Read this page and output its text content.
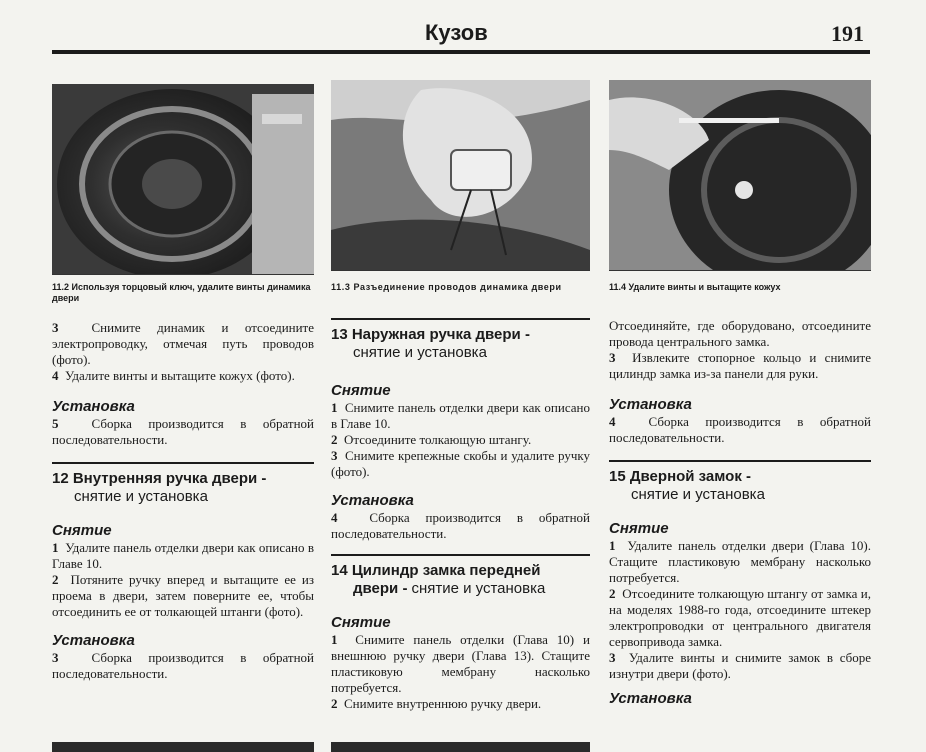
Кузов	191
11.2 Используя торцовый ключ, удалите винты динамика двери
11.3 Разъединение проводов динамика двери	11.4 Удалите винты и вытащите кожух

3	Снимите динамик и отсоедините электропроводку, отмечая путь проводов (фото).

4 Удалите винты и вытащите кожух (фото).

Установка

5	Сборка производится в обратной последовательности.

12 Внутренняя ручка двери -
снятие и установка
Снятие

1 Удалите панель отделки двери как описано в Главе 10.

2 Потяните ручку вперед и вытащите ее из проема в двери, затем поверните ее, чтобы отсоединить ее от толкающей штанги (фото).

Установка

3	Сборка производится в обратной последовательности.

13 Наружная ручка двери -
снятие и установка
Снятие

1 Снимите панель отделки двери как описано в Главе 10.

2 Отсоедините толкающую штангу.

3 Снимите крепежные скобы и удалите ручку (фото).

Установка

4 Сборка производится в обратной последовательности.

14 Цилиндр замка передней
двери - снятие и установка
Снятие

1 Снимите панель отделки (Глава 10) и внешнюю ручку двери (Глава 13). Стащите пластиковую мембрану насколько потребуется.

2 Снимите внутреннюю ручку двери.

Отсоединяйте, где оборудовано, отсоедините провода центрального замка.

3 Извлеките стопорное кольцо и снимите цилиндр замка из-за панели для руки.

Установка

4	Сборка производится в обратной последовательности.

15 Дверной замок -
снятие и установка
Снятие

1 Удалите панель отделки двери (Глава 10). Стащите пластиковую мембрану насколько потребуется.

2 Отсоедините толкающую штангу от замка и, на моделях 1988-го года, отсоедините штекер электропроводки от центрального двигателя сервопривода замка.

3 Удалите винты и снимите замок в сборе изнутри двери (фото).

Установка
